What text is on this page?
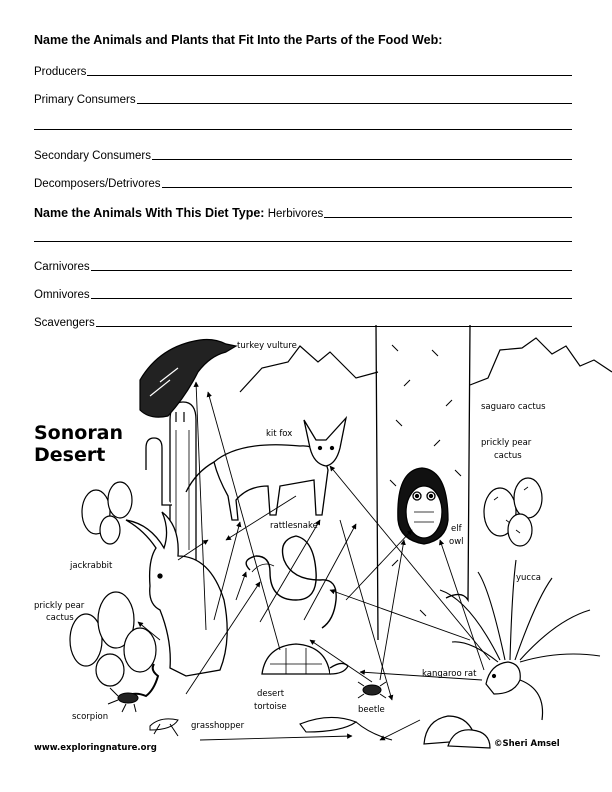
Name the Animals and Plants that Fit Into the Parts of the Food Web:
Producers
Primary Consumers
Secondary Consumers
Decomposers/Detrivores
Name the Animals With This Diet Type: Herbivores
Carnivores
Omnivores
Scavengers
Sonoran
Desert
turkey vulture
saguaro cactus
kit fox
prickly pear
cactus
rattlesnake	elf
owl
jackrabbit
yucca
prickly pear
cactus
kangaroo rat
desert
tortoise	beetle
scorpion
grasshopper
www.exploringnature.org	©Sheri Amsel
